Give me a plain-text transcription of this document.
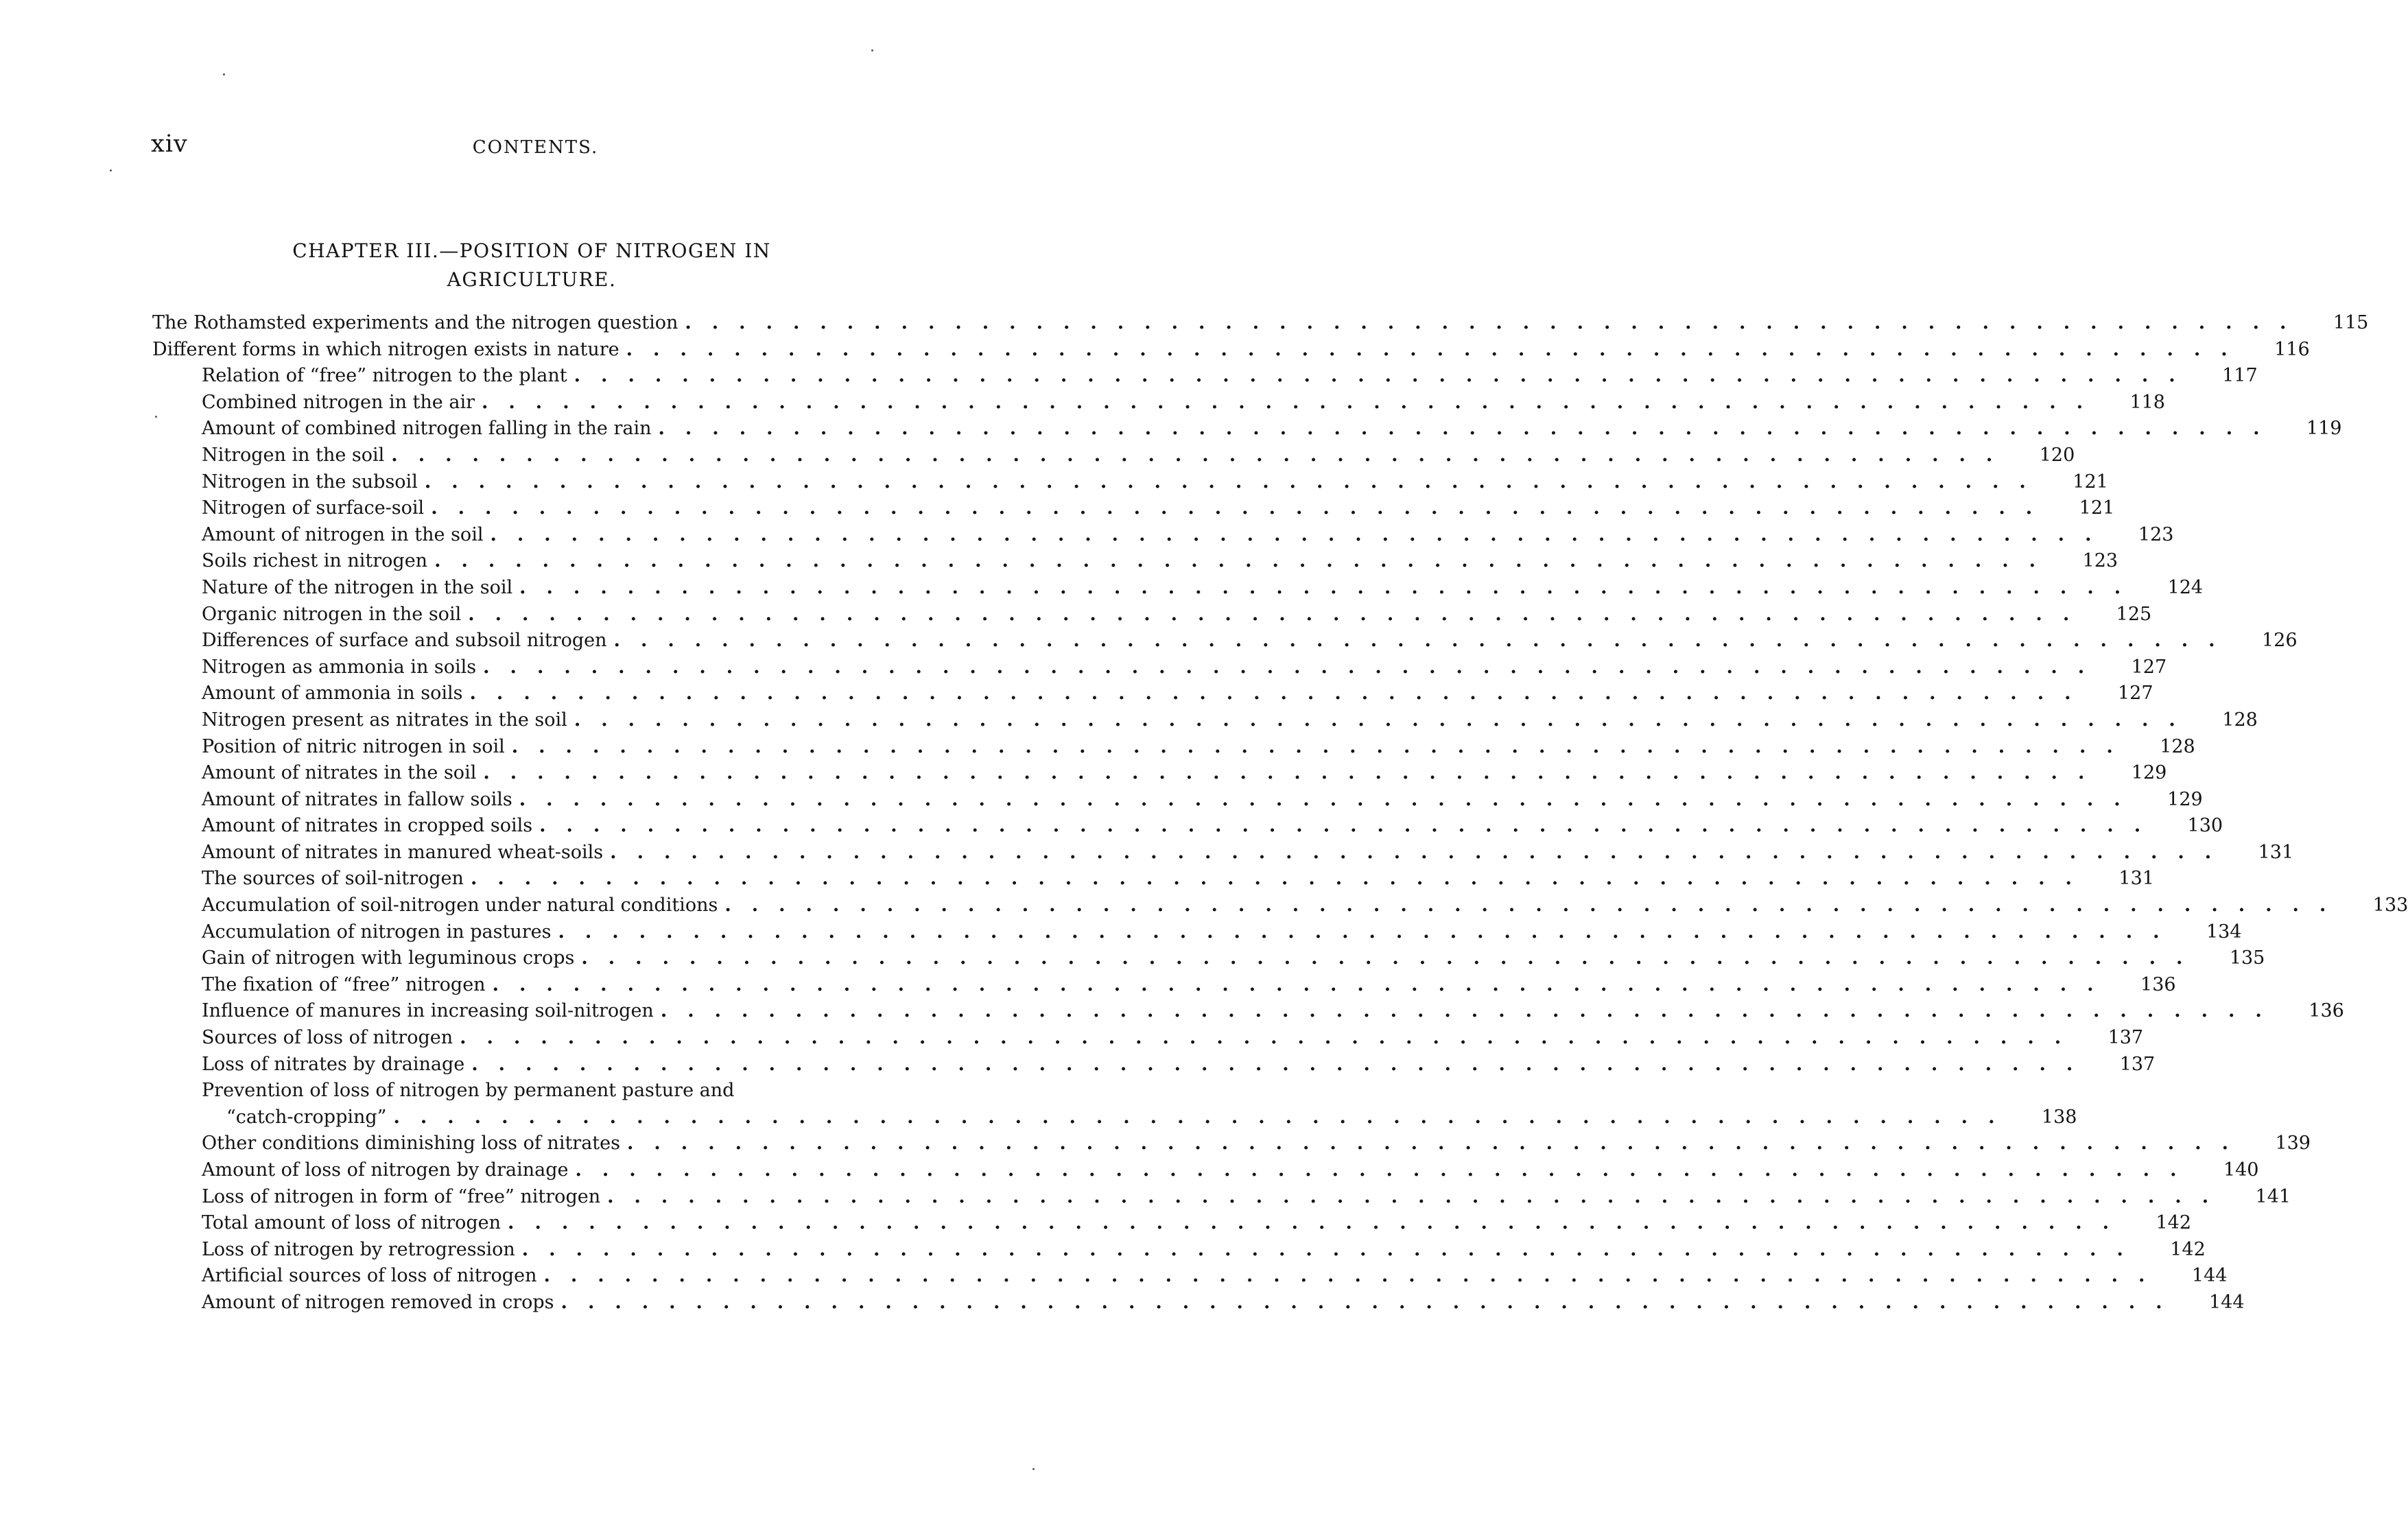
xiv	CONTENTS.
CHAPTER III.—POSITION OF NITROGEN IN
AGRICULTURE.
The Rothamsted experiments and the nitrogen question ............................................................	115
Different forms in which nitrogen exists in nature ............................................................	116
Relation of “free” nitrogen to the plant ............................................................	117
Combined nitrogen in the air ............................................................	118
Amount of combined nitrogen falling in the rain ............................................................	119
Nitrogen in the soil ............................................................	120
Nitrogen in the subsoil ............................................................	121
Nitrogen of surface-soil ............................................................	121
Amount of nitrogen in the soil ............................................................	123
Soils richest in nitrogen ............................................................	123
Nature of the nitrogen in the soil ............................................................	124
Organic nitrogen in the soil ............................................................	125
Differences of surface and subsoil nitrogen ............................................................	126
Nitrogen as ammonia in soils ............................................................	127
Amount of ammonia in soils ............................................................	127
Nitrogen present as nitrates in the soil ............................................................	128
Position of nitric nitrogen in soil ............................................................	128
Amount of nitrates in the soil ............................................................	129
Amount of nitrates in fallow soils ............................................................	129
Amount of nitrates in cropped soils ............................................................	130
Amount of nitrates in manured wheat-soils ............................................................	131
The sources of soil-nitrogen ............................................................	131
Accumulation of soil-nitrogen under natural conditions ............................................................	133
Accumulation of nitrogen in pastures ............................................................	134
Gain of nitrogen with leguminous crops ............................................................	135
The fixation of “free” nitrogen ............................................................	136
Influence of manures in increasing soil-nitrogen ............................................................	136
Sources of loss of nitrogen ............................................................	137
Loss of nitrates by drainage ............................................................	137
Prevention of loss of nitrogen by permanent pasture and
“catch-cropping” ............................................................	138
Other conditions diminishing loss of nitrates ............................................................	139
Amount of loss of nitrogen by drainage ............................................................	140
Loss of nitrogen in form of “free” nitrogen ............................................................	141
Total amount of loss of nitrogen ............................................................	142
Loss of nitrogen by retrogression ............................................................	142
Artificial sources of loss of nitrogen ............................................................	144
Amount of nitrogen removed in crops ............................................................	144
